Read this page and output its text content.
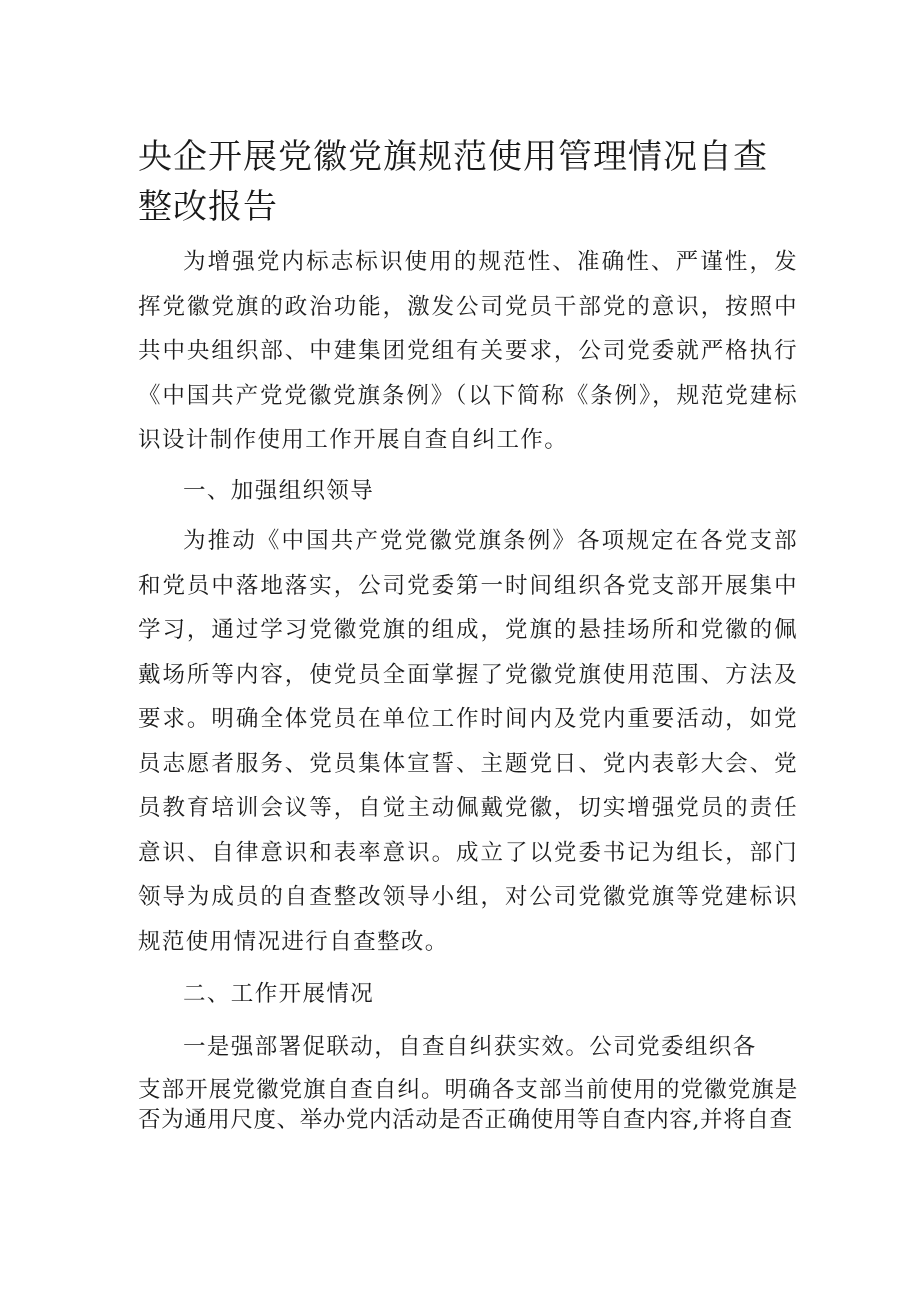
央企开展党徽党旗规范使用管理情况自查整改报告

为增强党内标志标识使用的规范性、准确性、严谨性，发挥党徽党旗的政治功能，激发公司党员干部党的意识，按照中共中央组织部、中建集团党组有关要求，公司党委就严格执行《中国共产党党徽党旗条例》（以下简称《条例》，规范党建标识设计制作使用工作开展自查自纠工作。

一、加强组织领导

为推动《中国共产党党徽党旗条例》各项规定在各党支部和党员中落地落实，公司党委第一时间组织各党支部开展集中学习，通过学习党徽党旗的组成，党旗的悬挂场所和党徽的佩戴场所等内容，使党员全面掌握了党徽党旗使用范围、方法及要求。明确全体党员在单位工作时间内及党内重要活动，如党员志愿者服务、党员集体宣誓、主题党日、党内表彰大会、党员教育培训会议等，自觉主动佩戴党徽，切实增强党员的责任意识、自律意识和表率意识。成立了以党委书记为组长，部门领导为成员的自查整改领导小组，对公司党徽党旗等党建标识规范使用情况进行自查整改。

二、工作开展情况

一是强部署促联动，自查自纠获实效。公司党委组织各

支部开展党徽党旗自查自纠。明确各支部当前使用的党徽党旗是否为通用尺度、举办党内活动是否正确使用等自查内容,并将自查
